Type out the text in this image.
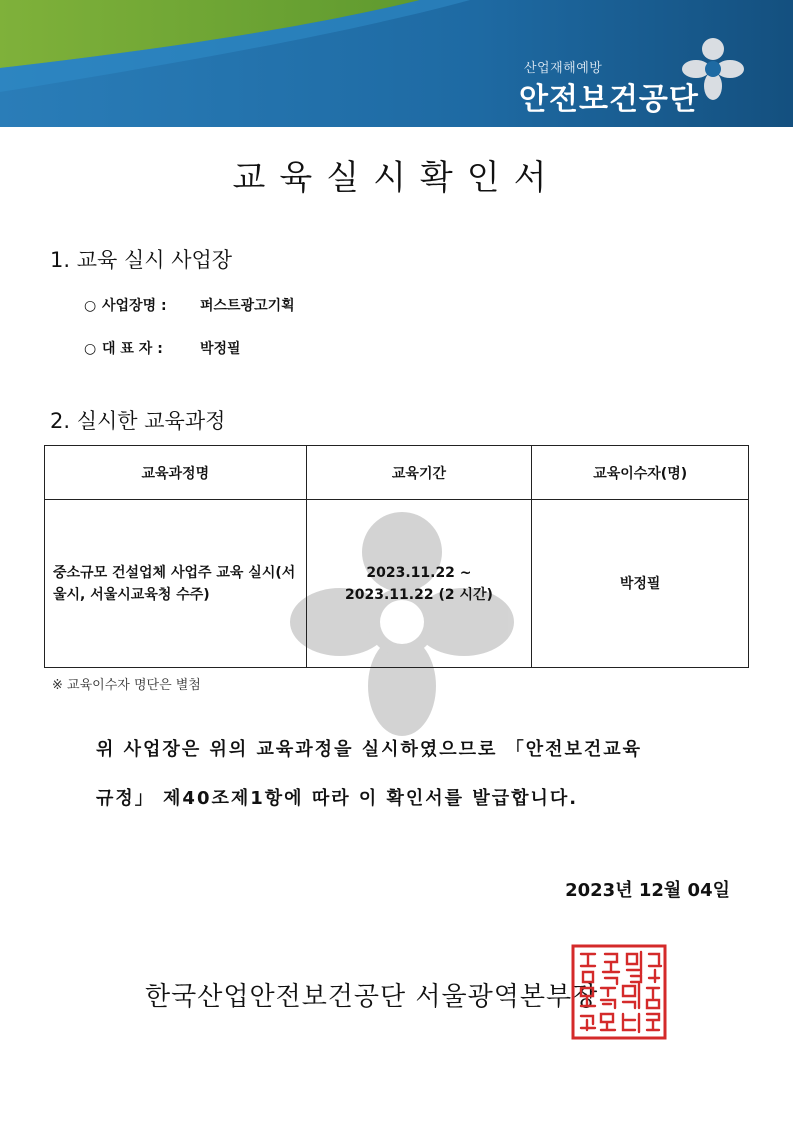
산업재해예방
안전보건공단
교육실시확인서
1. 교육 실시 사업장
○ 사업장명 : 퍼스트광고기획
○ 대 표 자 :	박정필
2. 실시한 교육과정
교육과정명	교육기간	교육이수자(명)
중소규모 건설업체 사업주 교육 실시(서울시, 서울시교육청 수주)	2023.11.22 ~
2023.11.22 (2 시간)	박정필
※ 교육이수자 명단은 별첨
위 사업장은 위의 교육과정을 실시하였으므로 「안전보건교육
규정」 제40조제1항에 따라 이 확인서를 발급합니다.
2023년 12월 04일
한국산업안전보건공단 서울광역본부장
